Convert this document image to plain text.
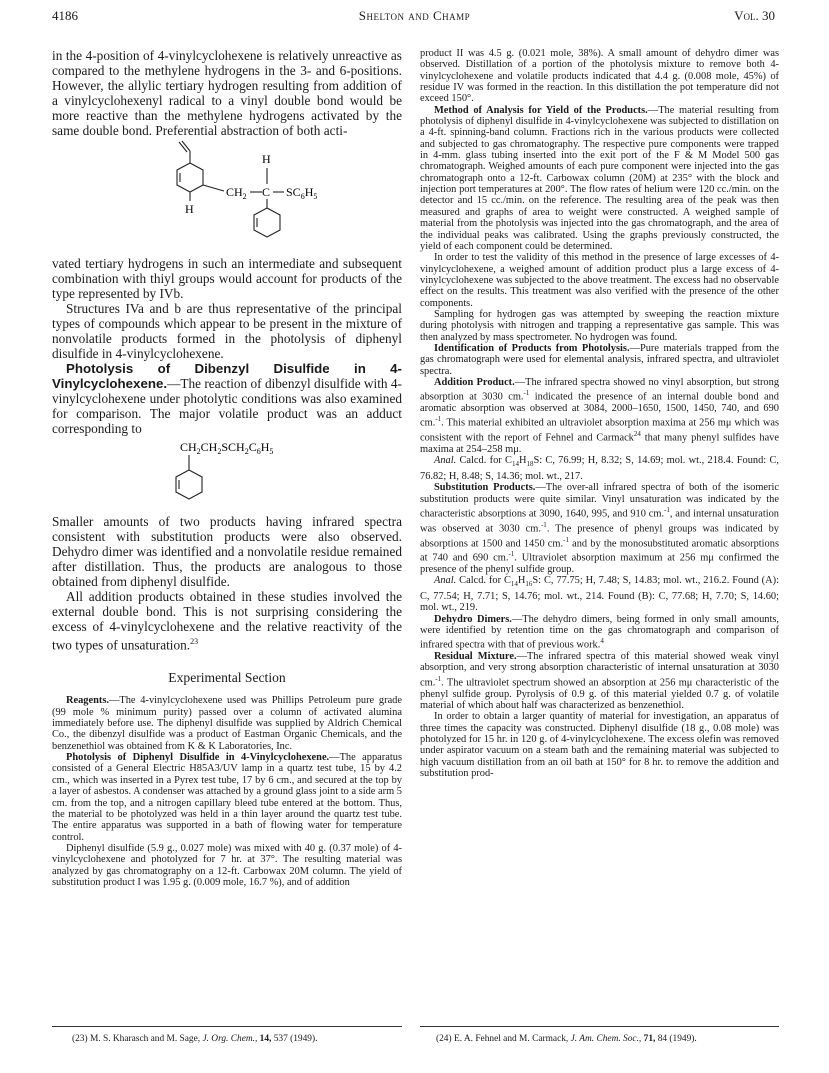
4186	Shelton and Champ	Vol. 30

in the 4-position of 4-vinylcyclohexene is relatively unreactive as compared to the methylene hydrogens in the 3- and 6-positions. However, the allylic tertiary hydrogen resulting from addition of a vinylcyclohexenyl radical to a vinyl double bond would be more reactive than the methylene hydrogens activated by the same double bond. Preferential abstraction of both acti-

H
H
$CH_2$ C $SC_6H_5$

vated tertiary hydrogens in such an intermediate and subsequent combination with thiyl groups would account for products of the type represented by IVb.

Structures IVa and b are thus representative of the principal types of compounds which appear to be present in the mixture of nonvolatile products formed in the photolysis of diphenyl disulfide in 4-vinylcyclohexene.

Photolysis of Dibenzyl Disulfide in 4-Vinylcyclohexene.—The reaction of dibenzyl disulfide with 4-vinylcyclohexene under photolytic conditions was also examined for comparison. The major volatile product was an adduct corresponding to

$CH_2CH_2SCH_2C_6H_5$

Smaller amounts of two products having infrared spectra consistent with substitution products were also observed. Dehydro dimer was identified and a nonvolatile residue remained after distillation. Thus, the products are analogous to those obtained from diphenyl disulfide.

All addition products obtained in these studies involved the external double bond. This is not surprising considering the excess of 4-vinylcyclohexene and the relative reactivity of the two types of unsaturation.$^{23}$

Experimental Section

Reagents.—The 4-vinylcyclohexene used was Phillips Petroleum pure grade (99 mole % minimum purity) passed over a column of activated alumina immediately before use. The diphenyl disulfide was supplied by Aldrich Chemical Co., the dibenzyl disulfide was a product of Eastman Organic Chemicals, and the benzenethiol was obtained from K & K Laboratories, Inc.

Photolysis of Diphenyl Disulfide in 4-Vinylcyclohexene.—The apparatus consisted of a General Electric H85A3/UV lamp in a quartz test tube, 15 by 4.2 cm., which was inserted in a Pyrex test tube, 17 by 6 cm., and secured at the top by a layer of asbestos. A condenser was attached by a ground glass joint to a side arm 5 cm. from the top, and a nitrogen capillary bleed tube entered at the bottom. Thus, the material to be photolyzed was held in a thin layer around the quartz test tube. The entire apparatus was supported in a bath of flowing water for temperature control.

Diphenyl disulfide (5.9 g., 0.027 mole) was mixed with 40 g. (0.37 mole) of 4-vinylcyclohexene and photolyzed for 7 hr. at 37°. The resulting material was analyzed by gas chromatography on a 12-ft. Carbowax 20M column. The yield of substitution product I was 1.95 g. (0.009 mole, 16.7 %), and of addition

product II was 4.5 g. (0.021 mole, 38%). A small amount of dehydro dimer was observed. Distillation of a portion of the photolysis mixture to remove both 4-vinylcyclohexene and volatile products indicated that 4.4 g. (0.008 mole, 45%) of residue IV was formed in the reaction. In this distillation the pot temperature did not exceed 150°.

Method of Analysis for Yield of the Products.—The material resulting from photolysis of diphenyl disulfide in 4-vinylcyclohexene was subjected to distillation on a 4-ft. spinning-band column. Fractions rich in the various products were collected and subjected to gas chromatography. The respective pure components were trapped in 4-mm. glass tubing inserted into the exit port of the F & M Model 500 gas chromatograph. Weighed amounts of each pure component were injected into the gas chromatograph onto a 12-ft. Carbowax column (20M) at 235° with the block and injection port temperatures at 200°. The flow rates of helium were 120 cc./min. on the detector and 15 cc./min. on the reference. The resulting area of the peak was then measured and graphs of area to weight were constructed. A weighed sample of material from the photolysis was injected into the gas chromatograph, and the area of the individual peaks was calibrated. Using the graphs previously constructed, the yield of each component could be determined.

In order to test the validity of this method in the presence of large excesses of 4-vinylcyclohexene, a weighed amount of addition product plus a large excess of 4-vinylcyclohexene was subjected to the above treatment. The excess had no observable effect on the results. This treatment was also verified with the presence of the other components.

Sampling for hydrogen gas was attempted by sweeping the reaction mixture during photolysis with nitrogen and trapping a representative gas sample. This was then analyzed by mass spectrometer. No hydrogen was found.

Identification of Products from Photolysis.—Pure materials trapped from the gas chromatograph were used for elemental analysis, infrared spectra, and ultraviolet spectra.

Addition Product.—The infrared spectra showed no vinyl absorption, but strong absorption at 3030 cm.$^{-1}$ indicated the presence of an internal double bond and aromatic absorption was observed at 3084, 2000–1650, 1500, 1450, 740, and 690 cm.$^{-1}$. This material exhibited an ultraviolet absorption maxima at 256 mμ which was consistent with the report of Fehnel and Carmack$^{24}$ that many phenyl sulfides have maxima at 254–258 mμ.

Anal. Calcd. for $C_{14}H_{18}S$: C, 76.99; H, 8.32; S, 14.69; mol. wt., 218.4. Found: C, 76.82; H, 8.48; S, 14.36; mol. wt., 217.

Substitution Products.—The over-all infrared spectra of both of the isomeric substitution products were quite similar. Vinyl unsaturation was indicated by the characteristic absorptions at 3090, 1640, 995, and 910 cm.$^{-1}$, and internal unsaturation was observed at 3030 cm.$^{-1}$. The presence of phenyl groups was indicated by absorptions at 1500 and 1450 cm.$^{-1}$ and by the monosubstituted aromatic absorptions at 740 and 690 cm.$^{-1}$. Ultraviolet absorption maximum at 256 mμ confirmed the presence of the phenyl sulfide group.

Anal. Calcd. for $C_{14}H_{16}S$: C, 77.75; H, 7.48; S, 14.83; mol. wt., 216.2. Found (A): C, 77.54; H, 7.71; S, 14.76; mol. wt., 214. Found (B): C, 77.68; H, 7.70; S, 14.60; mol. wt., 219.

Dehydro Dimers.—The dehydro dimers, being formed in only small amounts, were identified by retention time on the gas chromatograph and comparison of infrared spectra with that of previous work.$^4$

Residual Mixture.—The infrared spectra of this material showed weak vinyl absorption, and very strong absorption characteristic of internal unsaturation at 3030 cm.$^{-1}$. The ultraviolet spectrum showed an absorption at 256 mμ characteristic of the phenyl sulfide group. Pyrolysis of 0.9 g. of this material yielded 0.7 g. of volatile material of which about half was characterized as benzenethiol.

In order to obtain a larger quantity of material for investigation, an apparatus of three times the capacity was constructed. Diphenyl disulfide (18 g., 0.08 mole) was photolyzed for 15 hr. in 120 g. of 4-vinylcyclohexene. The excess olefin was removed under aspirator vacuum on a steam bath and the remaining material was subjected to high vacuum distillation from an oil bath at 150° for 8 hr. to remove the addition and substitution prod-

(23) M. S. Kharasch and M. Sage, J. Org. Chem., 14, 537 (1949).	(24) E. A. Fehnel and M. Carmack, J. Am. Chem. Soc., 71, 84 (1949).
